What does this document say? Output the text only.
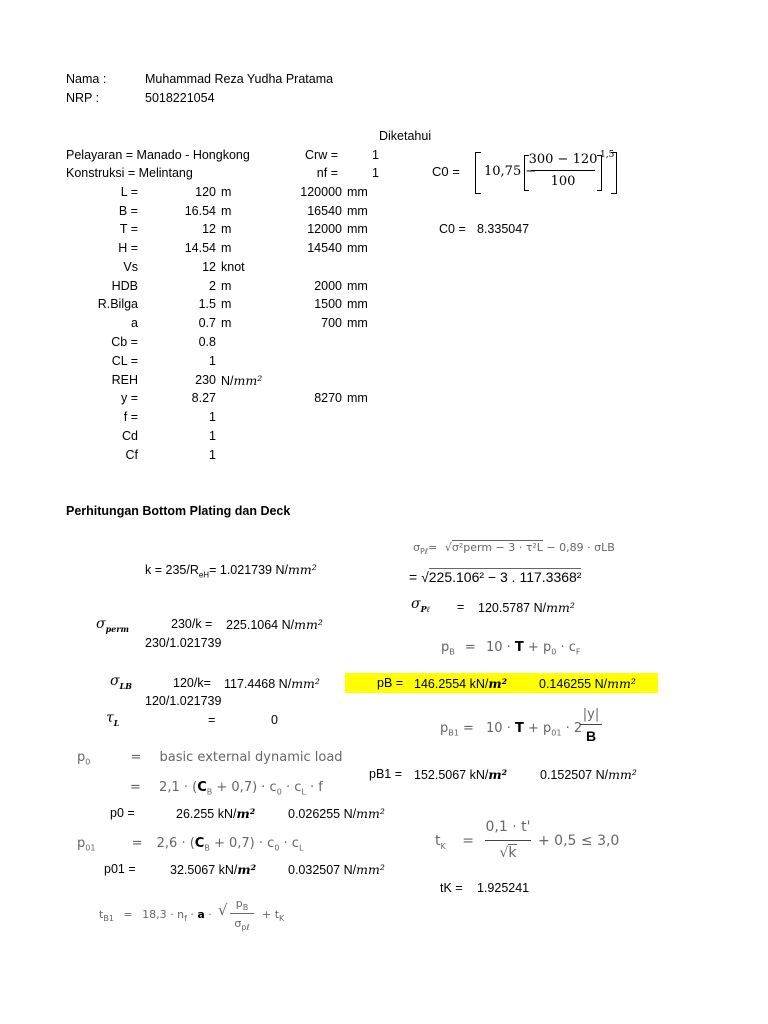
Nama :	Muhammad Reza Yudha Pratama
NRP :	5018221054
Diketahui
Pelayaran = Manado - Hongkong
Konstruksi = Melintang
Crw =	1
nf =	1
L =	120 m	120000 mm
B =	16.54 m	16540 mm
T =	12 m	12000 mm
H =	14.54 m	14540 mm
Vs	12 knot
HDB	2 m	2000 mm
R.Bilga	1.5 m	1500 mm
a	0.7 m	700 mm
Cb =	0.8
CL =	1
REH	230 N/mm²
y =	8.27	8270 mm
f =	1
Cd	1
Cf	1
C0 = 10,75 −
300 − 120
100
1,5
C0 = 8.335047
Perhitungan Bottom Plating dan Deck
$k = 235/R_{eH}= 1.021739$ N/mm²
$\sigma_{perm}$	230/k = 225.1064 N/mm²
230/1.021739
$\sigma_{LB}$	120/k= 117.4468 N/mm²
120/1.021739
$\tau_L$	=	0
$\sigma_{P\ell}=$ √σ²perm − 3 · τ²L − 0,89 · σLB
= √225.106² − 3 . 117.3368²
$\sigma_{P\ell} = 120.5787$ N/mm²
$p_B = 10 \cdot T + p_0 \cdot c_F$
pB = 146.2554 kN/m²	0.146255 N/mm²
$p_{B1} = 10 \cdot T + p_{01} \cdot 2$
|y|
B
pB1 = 152.5067 kN/m²	0.152507 N/mm²
$p_0$	= basic external dynamic load
= $2,1 \cdot (C_B + 0,7) \cdot c_0 \cdot c_L \cdot f$
p0 =	26.255 kN/m²	0.026255 N/mm²
$p_{01}$	= $2,6 \cdot (C_B + 0,7) \cdot c_0 \cdot c_L$
p01 =	32.5067 kN/m²	0.032507 N/mm²
$t_K$ =
0,1 · t'
√k
+ 0,5 ≤ 3,0
tK = 1.925241
$t_{B1} = 18,3 \cdot n_f \cdot a$ · √ $p_B$
$\sigma_{p\ell}$
+ $t_K$
